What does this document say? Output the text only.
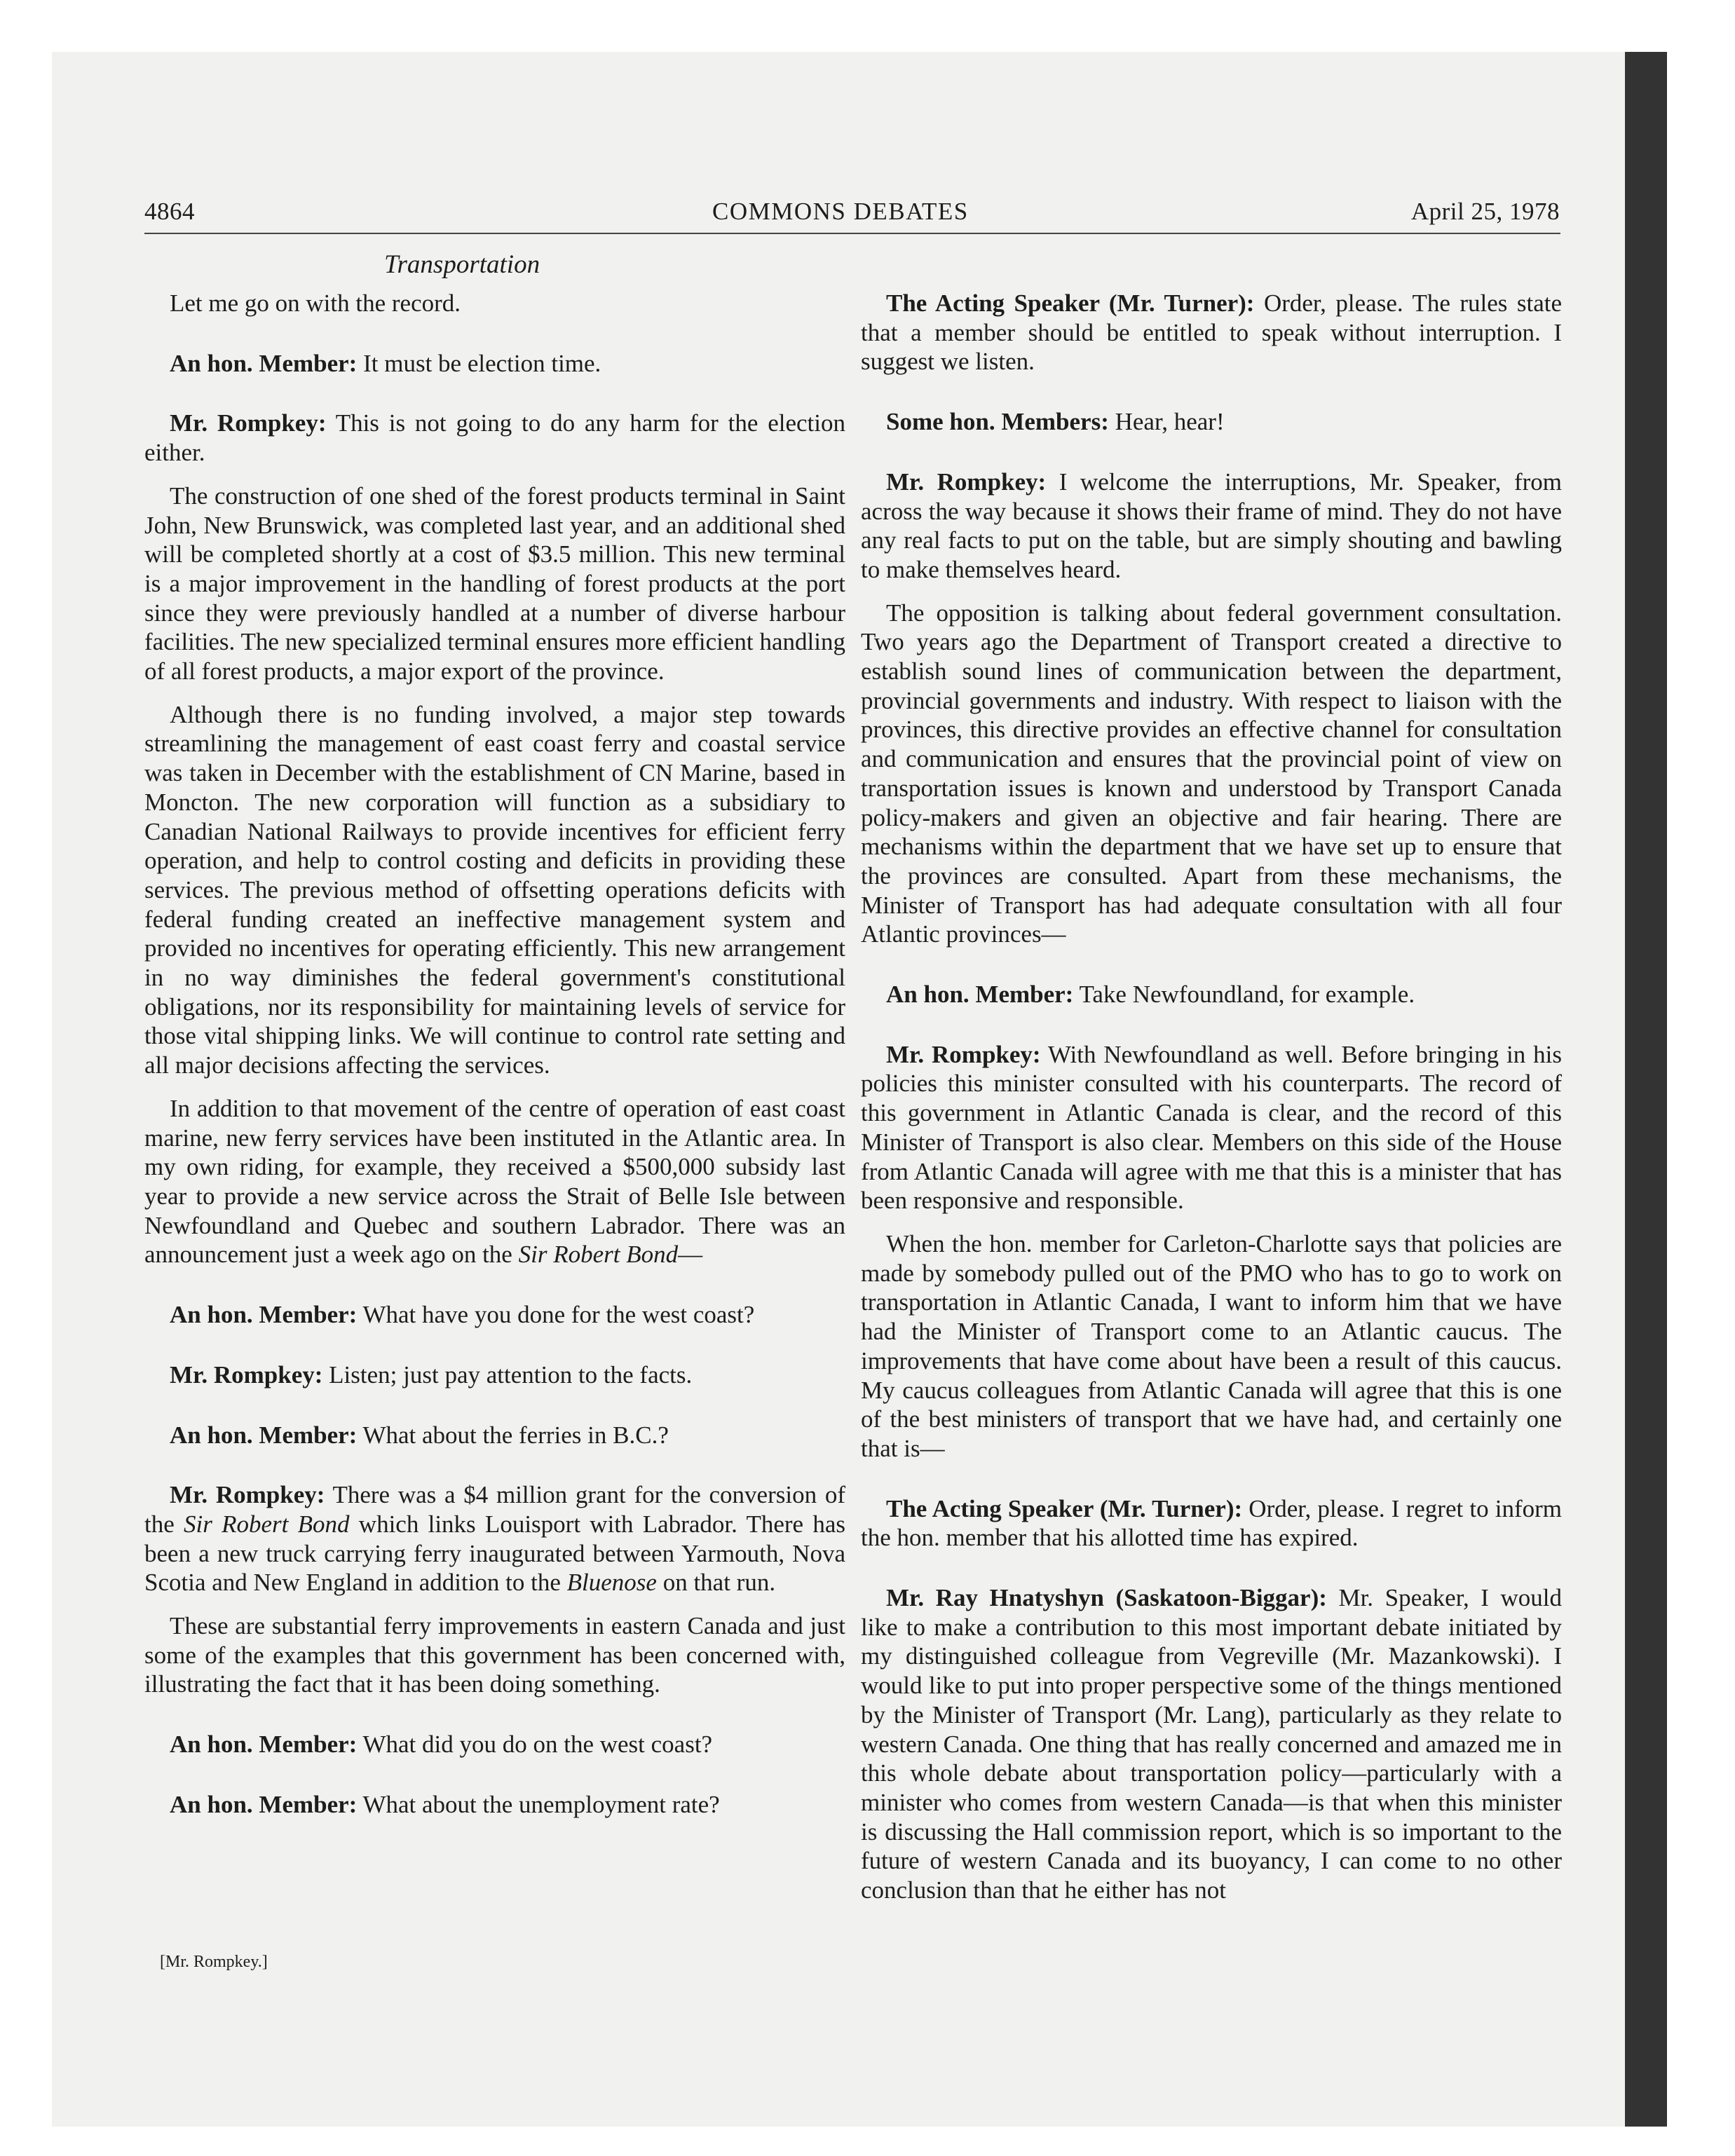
4864	COMMONS DEBATES	April 25, 1978
Transportation

Let me go on with the record.

An hon. Member: It must be election time.

Mr. Rompkey: This is not going to do any harm for the election either.

The construction of one shed of the forest products terminal in Saint John, New Brunswick, was completed last year, and an additional shed will be completed shortly at a cost of $3.5 million. This new terminal is a major improvement in the handling of forest products at the port since they were previously handled at a number of diverse harbour facilities. The new specialized terminal ensures more efficient handling of all forest products, a major export of the province.

Although there is no funding involved, a major step towards streamlining the management of east coast ferry and coastal service was taken in December with the establishment of CN Marine, based in Moncton. The new corporation will function as a subsidiary to Canadian National Railways to provide incentives for efficient ferry operation, and help to control costing and deficits in providing these services. The previous method of offsetting operations deficits with federal funding created an ineffective management system and provided no incentives for operating efficiently. This new arrangement in no way diminishes the federal government's constitutional obligations, nor its responsibility for maintaining levels of service for those vital shipping links. We will continue to control rate setting and all major decisions affecting the services.

In addition to that movement of the centre of operation of east coast marine, new ferry services have been instituted in the Atlantic area. In my own riding, for example, they received a $500,000 subsidy last year to provide a new service across the Strait of Belle Isle between Newfoundland and Quebec and southern Labrador. There was an announcement just a week ago on the Sir Robert Bond—

An hon. Member: What have you done for the west coast?

Mr. Rompkey: Listen; just pay attention to the facts.

An hon. Member: What about the ferries in B.C.?

Mr. Rompkey: There was a $4 million grant for the conversion of the Sir Robert Bond which links Louisport with Labrador. There has been a new truck carrying ferry inaugurated between Yarmouth, Nova Scotia and New England in addition to the Bluenose on that run.

These are substantial ferry improvements in eastern Canada and just some of the examples that this government has been concerned with, illustrating the fact that it has been doing something.

An hon. Member: What did you do on the west coast?

An hon. Member: What about the unemployment rate?

[Mr. Rompkey.]

The Acting Speaker (Mr. Turner): Order, please. The rules state that a member should be entitled to speak without interruption. I suggest we listen.

Some hon. Members: Hear, hear!

Mr. Rompkey: I welcome the interruptions, Mr. Speaker, from across the way because it shows their frame of mind. They do not have any real facts to put on the table, but are simply shouting and bawling to make themselves heard.

The opposition is talking about federal government consultation. Two years ago the Department of Transport created a directive to establish sound lines of communication between the department, provincial governments and industry. With respect to liaison with the provinces, this directive provides an effective channel for consultation and communication and ensures that the provincial point of view on transportation issues is known and understood by Transport Canada policy-makers and given an objective and fair hearing. There are mechanisms within the department that we have set up to ensure that the provinces are consulted. Apart from these mechanisms, the Minister of Transport has had adequate consultation with all four Atlantic provinces—

An hon. Member: Take Newfoundland, for example.

Mr. Rompkey: With Newfoundland as well. Before bringing in his policies this minister consulted with his counterparts. The record of this government in Atlantic Canada is clear, and the record of this Minister of Transport is also clear. Members on this side of the House from Atlantic Canada will agree with me that this is a minister that has been responsive and responsible.

When the hon. member for Carleton-Charlotte says that policies are made by somebody pulled out of the PMO who has to go to work on transportation in Atlantic Canada, I want to inform him that we have had the Minister of Transport come to an Atlantic caucus. The improvements that have come about have been a result of this caucus. My caucus colleagues from Atlantic Canada will agree that this is one of the best ministers of transport that we have had, and certainly one that is—

The Acting Speaker (Mr. Turner): Order, please. I regret to inform the hon. member that his allotted time has expired.

Mr. Ray Hnatyshyn (Saskatoon-Biggar): Mr. Speaker, I would like to make a contribution to this most important debate initiated by my distinguished colleague from Vegreville (Mr. Mazankowski). I would like to put into proper perspective some of the things mentioned by the Minister of Transport (Mr. Lang), particularly as they relate to western Canada. One thing that has really concerned and amazed me in this whole debate about transportation policy—particularly with a minister who comes from western Canada—is that when this minister is discussing the Hall commission report, which is so important to the future of western Canada and its buoyancy, I can come to no other conclusion than that he either has not
